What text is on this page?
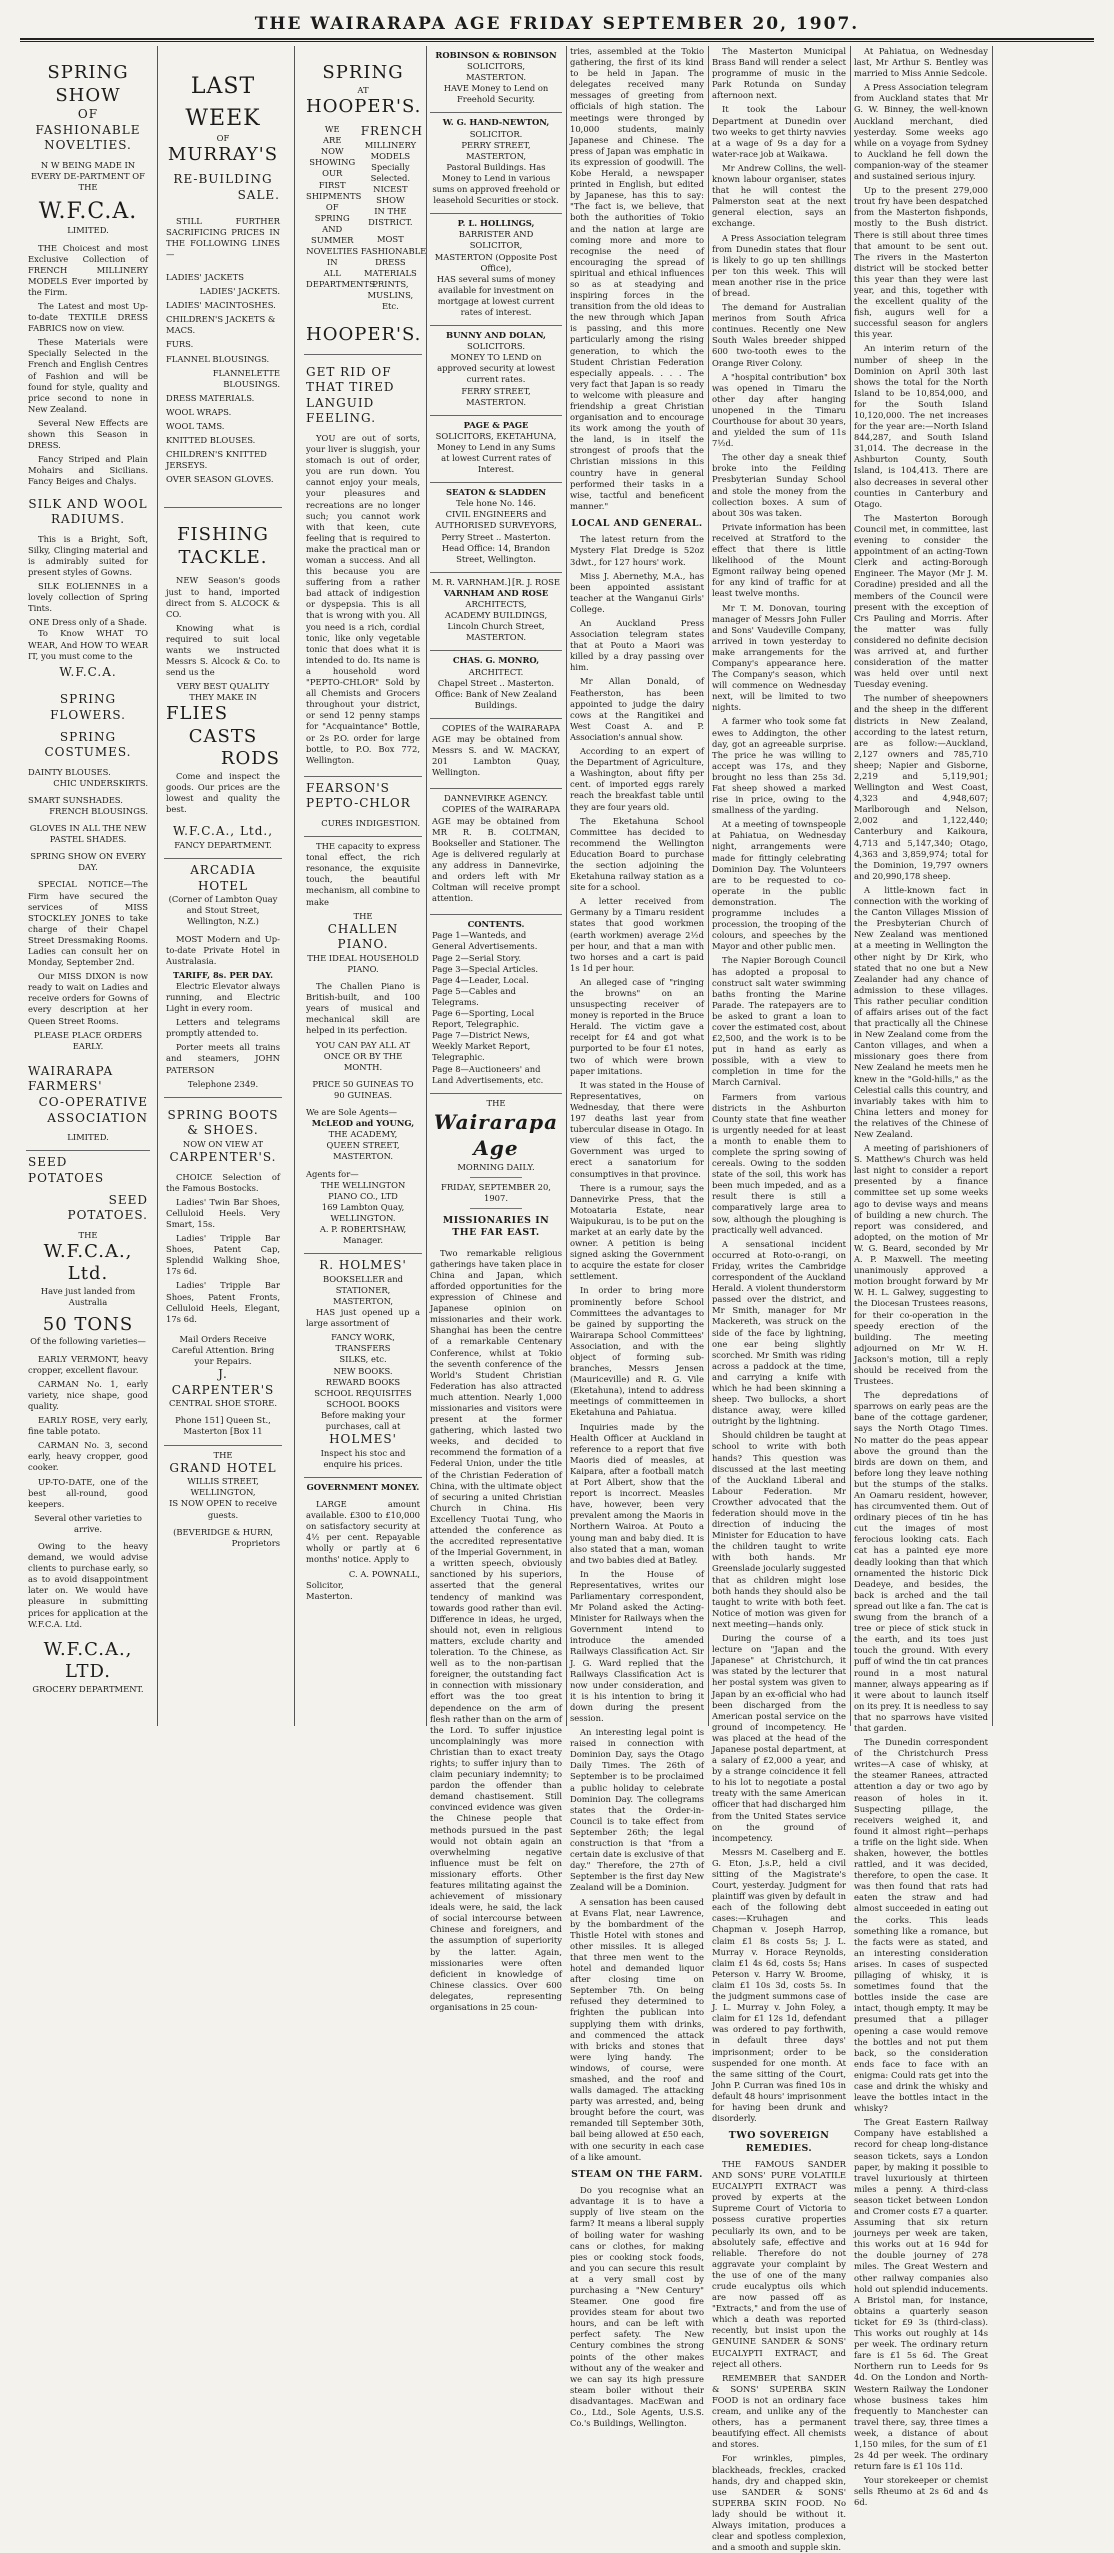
THE WAIRARAPA AGE FRIDAY SEPTEMBER 20, 1907.
SPRING
SHOW
OF
FASHIONABLE
NOVELTIES.
N W BEING MADE IN EVERY DE-PARTMENT OF THE
W.F.C.A.
LIMITED.
THE Choicest and most Exclusive Collection of FRENCH MILLINERY MODELS Ever imported by the Firm.
The Latest and most Up-to-date TEXTILE DRESS FABRICS now on view.
These Materials were Specially Selected in the French and English Centres of Fashion and will be found for style, quality and price second to none in New Zealand.
Several New Effects are shown this Season in DRESS.
Fancy Striped and Plain Mohairs and Sicilians. Fancy Beiges and Chalys.
SILK AND WOOL RADIUMS.
This is a Bright, Soft, Silky, Clinging material and is admirably suited for present styles of Gowns.
SILK EOLIENNES in a lovely collection of Spring Tints.
ONE Dress only of a Shade.
To Know WHAT TO WEAR, And HOW TO WEAR IT, you must come to the
W.F.C.A.
SPRING FLOWERS.
SPRING COSTUMES.
DAINTY BLOUSES.
CHIC UNDERSKIRTS.
SMART SUNSHADES.
FRENCH BLOUSINGS.
GLOVES IN ALL THE NEW PASTEL SHADES.
SPRING SHOW ON EVERY DAY.
SPECIAL NOTICE—The Firm have secured the services of MISS STOCKLEY JONES to take charge of their Chapel Street Dressmaking Rooms. Ladies can consult her on Monday, September 2nd.
Our MISS DIXON is now ready to wait on Ladies and receive orders for Gowns of every description at her Queen Street Rooms.
PLEASE PLACE ORDERS EARLY.
WAIRARAPA
FARMERS'
CO-OPERATIVE
ASSOCIATION
LIMITED.
SEED POTATOES
SEED POTATOES.
THE
W.F.C.A., Ltd.
Have just landed from Australia
50 TONS
Of the following varieties—
EARLY VERMONT, heavy cropper, excellent flavour.
CARMAN No. 1, early variety, nice shape, good quality.
EARLY ROSE, very early, fine table potato.
CARMAN No. 3, second early, heavy cropper, good cooker.
UP-TO-DATE, one of the best all-round, good keepers.
Several other varieties to arrive.
Owing to the heavy demand, we would advise clients to purchase early, so as to avoid disappointment later on. We would have pleasure in submitting prices for application at the W.F.C.A. Ltd.
W.F.C.A., LTD.
GROCERY DEPARTMENT.
LAST
WEEK
OF
MURRAY'S
RE-BUILDING
SALE.
STILL FURTHER SACRIFICING PRICES IN THE FOLLOWING LINES—
LADIES' JACKETS
LADIES' JACKETS.
LADIES' MACINTOSHES.
CHILDREN'S JACKETS & MACS.
FURS.
FLANNEL BLOUSINGS.
FLANNELETTE BLOUSINGS.
DRESS MATERIALS.
WOOL WRAPS.
WOOL TAMS.
KNITTED BLOUSES.
CHILDREN'S KNITTED JERSEYS.
OVER SEASON GLOVES.
FISHING
TACKLE.
NEW Season's goods just to hand, imported direct from S. ALCOCK & CO.
Knowing what is required to suit local wants we instructed Messrs S. Alcock & Co. to send us the
VERY BEST QUALITY THEY MAKE IN
FLIES
CASTS
RODS
Come and inspect the goods. Our prices are the lowest and quality the best.
W.F.C.A., Ltd.,
FANCY DEPARTMENT.
ARCADIA HOTEL
(Corner of Lambton Quay and Stout Street, Wellington, N.Z.)
MOST Modern and Up-to-date Private Hotel in Australasia.
TARIFF, 8s. PER DAY.
Electric Elevator always running, and Electric Light in every room.
Letters and telegrams promptly attended to.
Porter meets all trains and steamers, JOHN PATERSON
Telephone 2349.
SPRING BOOTS & SHOES.
NOW ON VIEW AT
CARPENTER'S.
CHOICE Selection of the Famous Bostocks.
Ladies' Twin Bar Shoes, Celluloid Heels. Very Smart, 15s.
Ladies' Tripple Bar Shoes, Patent Cap, Splendid Walking Shoe, 17s 6d.
Ladies' Tripple Bar Shoes, Patent Fronts, Celluloid Heels, Elegant, 17s 6d.
Mail Orders Receive Careful Attention. Bring your Repairs.
J. CARPENTER'S
CENTRAL SHOE STORE.
Phone 151] Queen St., Masterton [Box 11
THE
GRAND HOTEL
WILLIS STREET, WELLINGTON,
IS NOW OPEN to receive guests.
(BEVERIDGE & HURN,
Proprietors
SPRING
AT
HOOPER'S.
WE
ARE
NOW
SHOWING
OUR
FIRST
SHIPMENTS
OF
SPRING
AND
SUMMER
NOVELTIES
IN
ALL
DEPARTMENTS.
FRENCH
MILLINERY
MODELS
Specially Selected.
NICEST SHOW
IN THE DISTRICT.
MOST
FASHIONABLE
DRESS MATERIALS
PRINTS,
MUSLINS,
Etc.
HOOPER'S.
GET RID OF THAT TIRED LANGUID FEELING.
YOU are out of sorts, your liver is sluggish, your stomach is out of order, you are run down. You cannot enjoy your meals, your pleasures and recreations are no longer such; you cannot work with that keen, cute feeling that is required to make the practical man or woman a success. And all this because you are suffering from a rather bad attack of indigestion or dyspepsia. This is all that is wrong with you. All you need is a rich, cordial tonic, like only vegetable tonic that does what it is intended to do. Its name is a household word "PEPTO-CHLOR" Sold by all Chemists and Grocers throughout your district, or send 12 penny stamps for "Acquaintance" Bottle, or 2s P.O. order for large bottle, to P.O. Box 772, Wellington.
FEARSON'S PEPTO-CHLOR
CURES INDIGESTION.
THE capacity to express tonal effect, the rich resonance, the exquisite touch, the beautiful mechanism, all combine to make
THE
CHALLEN PIANO.
THE IDEAL HOUSEHOLD PIANO.
The Challen Piano is British-built, and 100 years of musical and mechanical skill are helped in its perfection.
YOU CAN PAY ALL AT ONCE OR BY THE MONTH.
PRICE 50 GUINEAS TO 90 GUINEAS.
We are Sole Agents—
McLEOD and YOUNG,
THE ACADEMY,
QUEEN STREET, MASTERTON.
Agents for—
THE WELLINGTON PIANO CO., LTD
169 Lambton Quay,
WELLINGTON.
A. P. ROBERTSHAW, Manager.
R. HOLMES'
BOOKSELLER and STATIONER,
MASTERTON,
HAS just opened up a large assortment of
FANCY WORK,
TRANSFERS
SILKS, etc.
NEW BOOKS.
REWARD BOOKS
SCHOOL REQUISITES
SCHOOL BOOKS
Before making your purchases, call at
HOLMES'
Inspect his stoc and enquire his prices.
GOVERNMENT MONEY.
LARGE amount available. £300 to £10,000 on satisfactory security at 4½ per cent. Repayable wholly or partly at 6 months' notice. Apply to
C. A. POWNALL,
Solicitor,
Masterton.
ROBINSON & ROBINSON
SOLICITORS,
MASTERTON.
HAVE Money to Lend on Freehold Security.
W. G. HAND-NEWTON,
SOLICITOR.
PERRY STREET, MASTERTON,
Pastoral Buildings. Has Money to Lend in various sums on approved freehold or leasehold Securities or stock.
P. L. HOLLINGS,
BARRISTER AND SOLICITOR,
MASTERTON (Opposite Post Office),
HAS several sums of money available for investment on mortgage at lowest current rates of interest.
BUNNY AND DOLAN,
SOLICITORS.
MONEY TO LEND on approved security at lowest current rates.
FERRY STREET, MASTERTON.
PAGE & PAGE
SOLICITORS, EKETAHUNA,
Money to Lend in any Sums at lowest Current rates of Interest.
SEATON & SLADDEN
Tele hone No. 146.
CIVIL ENGINEERS and AUTHORISED SURVEYORS,
Perry Street .. Masterton.
Head Office: 14, Brandon Street, Wellington.
M. R. VARNHAM.] [R. J. ROSE
VARNHAM AND ROSE
ARCHITECTS,
ACADEMY BUILDINGS, Lincoln Church Street, MASTERTON.
CHAS. G. MONRO,
ARCHITECT.
Chapel Street .. Masterton. Office: Bank of New Zealand Buildings.
COPIES of the WAIRARAPA AGE may be obtained from Messrs S. and W. MACKAY, 201 Lambton Quay, Wellington.
DANNEVIRKE AGENCY.
COPIES of the WAIRARAPA AGE may be obtained from MR R. B. COLTMAN, Bookseller and Stationer. The Age is delivered regularly at any address in Dannevirke, and orders left with Mr Coltman will receive prompt attention.
CONTENTS.
Page 1—Wanteds, and General Advertisements.
Page 2—Serial Story.
Page 3—Special Articles.
Page 4—Leader, Local.
Page 5—Cables and Telegrams.
Page 6—Sporting, Local Report, Telegraphic.
Page 7—District News, Weekly Market Report, Telegraphic.
Page 8—Auctioneers' and Land Advertisements, etc.
THE
Wairarapa Age
MORNING DAILY.
FRIDAY, SEPTEMBER 20, 1907.
MISSIONARIES IN THE FAR EAST.
Two remarkable religious gatherings have taken place in China and Japan, which afforded opportunities for the expression of Chinese and Japanese opinion on missionaries and their work. Shanghai has been the centre of a remarkable Centenary Conference, whilst at Tokio the seventh conference of the World's Student Christian Federation has also attracted much attention. Nearly 1,000 missionaries and visitors were present at the former gathering, which lasted two weeks, and decided to recommend the formation of a Federal Union, under the title of the Christian Federation of China, with the ultimate object of securing a united Christian Church in China. His Excellency Tuotai Tung, who attended the conference as the accredited representative of the Imperial Government, in a written speech, obviously sanctioned by his superiors, asserted that the general tendency of mankind was towards good rather than evil. Difference in ideas, he urged, should not, even in religious matters, exclude charity and toleration. To the Chinese, as well as to the non-partisan foreigner, the outstanding fact in connection with missionary effort was the too great dependence on the arm of flesh rather than on the arm of the Lord. To suffer injustice uncomplainingly was more Christian than to exact treaty rights; to suffer injury than to claim pecuniary indemnity; to pardon the offender than demand chastisement. Still convinced evidence was given the Chinese people that methods pursued in the past would not obtain again an overwhelming negative influence must be felt on missionary efforts. Other features militating against the achievement of missionary ideals were, he said, the lack of social intercourse between Chinese and foreigners, and the assumption of superiority by the latter. Again, missionaries were often deficient in knowledge of Chinese classics. Over 600 delegates, representing organisations in 25 coun-
tries, assembled at the Tokio gathering, the first of its kind to be held in Japan. The delegates received many messages of greeting from officials of high station. The meetings were thronged by 10,000 students, mainly Japanese and Chinese. The press of Japan was emphatic in its expression of goodwill. The Kobe Herald, a newspaper printed in English, but edited by Japanese, has this to say: "The fact is, we believe, that both the authorities of Tokio and the nation at large are coming more and more to recognise the need of encouraging the spread of spiritual and ethical influences so as at steadying and inspiring forces in the transition from the old ideas to the new through which Japan is passing, and this more particularly among the rising generation, to which the Student Christian Federation especially appeals. . . . The very fact that Japan is so ready to welcome with pleasure and friendship a great Christian organisation and to encourage its work among the youth of the land, is in itself the strongest of proofs that the Christian missions in this country have in general performed their tasks in a wise, tactful and beneficent manner."
LOCAL AND GENERAL.
The latest return from the Mystery Flat Dredge is 52oz 3dwt., for 127 hours' work.
Miss J. Abernethy, M.A., has been appointed assistant teacher at the Wanganui Girls' College.
An Auckland Press Association telegram states that at Pouto a Maori was killed by a dray passing over him.
Mr Allan Donald, of Featherston, has been appointed to judge the dairy cows at the Rangitikei and West Coast A. and P. Association's annual show.
According to an expert of the Department of Agriculture, a Washington, about fifty per cent. of imported eggs rarely reach the breakfast table until they are four years old.
The Eketahuna School Committee has decided to recommend the Wellington Education Board to purchase the section adjoining the Eketahuna railway station as a site for a school.
A letter received from Germany by a Timaru resident states that good workmen (earth workmen) average 2½d per hour, and that a man with two horses and a cart is paid 1s 1d per hour.
An alleged case of "ringing the browns" on an unsuspecting receiver of money is reported in the Bruce Herald. The victim gave a receipt for £4 and got what purported to be four £1 notes, two of which were brown paper imitations.
It was stated in the House of Representatives, on Wednesday, that there were 197 deaths last year from tubercular disease in Otago. In view of this fact, the Government was urged to erect a sanatorium for consumptives in that province.
There is a rumour, says the Dannevirke Press, that the Motoataria Estate, near Waipukurau, is to be put on the market at an early date by the owner. A petition is being signed asking the Government to acquire the estate for closer settlement.
In order to bring more prominently before School Committees the advantages to be gained by supporting the Wairarapa School Committees' Association, and with the object of forming sub-branches, Messrs Jensen (Mauriceville) and R. G. Vile (Eketahuna), intend to address meetings of committeemen in Eketahuna and Pahiatua.
Inquiries made by the Health Officer at Auckland in reference to a report that five Maoris died of measles, at Kaipara, after a football match at Port Albert, show that the report is incorrect. Measles have, however, been very prevalent among the Maoris in Northern Wairoa. At Pouto a young man and baby died. It is also stated that a man, woman and two babies died at Batley.
In the House of Representatives, writes our Parliamentary correspondent, Mr Poland asked the Acting-Minister for Railways when the Government intend to introduce the amended Railways Classification Act. Sir J. G. Ward replied that the Railways Classification Act is now under consideration, and it is his intention to bring it down during the present session.
An interesting legal point is raised in connection with Dominion Day, says the Otago Daily Times. The 26th of September is to be proclaimed a public holiday to celebrate Dominion Day. The collegrams states that the Order-in-Council is to take effect from September 26th; the legal construction is that "from a certain date is exclusive of that day." Therefore, the 27th of September is the first day New Zealand will be a Dominion.
A sensation has been caused at Evans Flat, near Lawrence, by the bombardment of the Thistle Hotel with stones and other missiles. It is alleged that three men went to the hotel and demanded liquor after closing time on September 7th. On being refused they determined to frighten the publican into supplying them with drinks, and commenced the attack with bricks and stones that were lying handy. The windows, of course, were smashed, and the roof and walls damaged. The attacking party was arrested, and, being brought before the court, was remanded till September 30th, bail being allowed at £50 each, with one security in each case of a like amount.
STEAM ON THE FARM.
Do you recognise what an advantage it is to have a supply of live steam on the farm? It means a liberal supply of boiling water for washing cans or clothes, for making pies or cooking stock foods, and you can secure this result at a very small cost by purchasing a "New Century" Steamer. One good fire provides steam for about two hours, and can be left with perfect safety. The New Century combines the strong points of the other makes without any of the weaker and we can say its high pressure steam boiler without their disadvantages. MacEwan and Co., Ltd., Sole Agents, U.S.S. Co.'s Buildings, Wellington.
The Masterton Municipal Brass Band will render a select programme of music in the Park Rotunda on Sunday afternoon next.
It took the Labour Department at Dunedin over two weeks to get thirty navvies at a wage of 9s a day for a water-race job at Waikawa.
Mr Andrew Collins, the well-known labour organiser, states that he will contest the Palmerston seat at the next general election, says an exchange.
A Press Association telegram from Dunedin states that flour is likely to go up ten shillings per ton this week. This will mean another rise in the price of bread.
The demand for Australian merinos from South Africa continues. Recently one New South Wales breeder shipped 600 two-tooth ewes to the Orange River Colony.
A "hospital contribution" box was opened in Timaru the other day after hanging unopened in the Timaru Courthouse for about 30 years, and yielded the sum of 11s 7½d.
The other day a sneak thief broke into the Feilding Presbyterian Sunday School and stole the money from the collection boxes. A sum of about 30s was taken.
Private information has been received at Stratford to the effect that there is little likelihood of the Mount Egmont railway being opened for any kind of traffic for at least twelve months.
Mr T. M. Donovan, touring manager of Messrs John Fuller and Sons' Vaudeville Company, arrived in town yesterday to make arrangements for the Company's appearance here. The Company's season, which will commence on Wednesday next, will be limited to two nights.
A farmer who took some fat ewes to Addington, the other day, got an agreeable surprise. The price he was willing to accept was 17s, and they brought no less than 25s 3d. Fat sheep showed a marked rise in price, owing to the smallness of the yarding.
At a meeting of townspeople at Pahiatua, on Wednesday night, arrangements were made for fittingly celebrating Dominion Day. The Volunteers are to be requested to co-operate in the public demonstration. The programme includes a procession, the trooping of the colours, and speeches by the Mayor and other public men.
The Napier Borough Council has adopted a proposal to construct salt water swimming baths fronting the Marine Parade. The ratepayers are to be asked to grant a loan to cover the estimated cost, about £2,500, and the work is to be put in hand as early as possible, with a view to completion in time for the March Carnival.
Farmers from various districts in the Ashburton County state that fine weather is urgently needed for at least a month to enable them to complete the spring sowing of cereals. Owing to the sodden state of the soil, this work has been much impeded, and as a result there is still a comparatively large area to sow, although the ploughing is practically well advanced.
A sensational incident occurred at Roto-o-rangi, on Friday, writes the Cambridge correspondent of the Auckland Herald. A violent thunderstorm passed over the district, and Mr Smith, manager for Mr Mackereth, was struck on the side of the face by lightning, one ear being slightly scorched. Mr Smith was riding across a paddock at the time, and carrying a knife with which he had been skinning a sheep. Two bullocks, a short distance away, were killed outright by the lightning.
Should children be taught at school to write with both hands? This question was discussed at the last meeting of the Auckland Liberal and Labour Federation. Mr Crowther advocated that the federation should move in the direction of inducing the Minister for Education to have the children taught to write with both hands. Mr Greenslade jocularly suggested that as children might lose both hands they should also be taught to write with both feet. Notice of motion was given for next meeting—hands only.
During the course of a lecture on "Japan and the Japanese" at Christchurch, it was stated by the lecturer that her postal system was given to Japan by an ex-official who had been discharged from the American postal service on the ground of incompetency. He was placed at the head of the Japanese postal department, at a salary of £2,000 a year, and by a strange coincidence it fell to his lot to negotiate a postal treaty with the same American officer that had discharged him from the United States service on the ground of incompetency.
Messrs M. Caselberg and E. G. Eton, J.s.P., held a civil sitting of the Magistrate's Court, yesterday. Judgment for plaintiff was given by default in each of the following debt cases:—Kruhagen and Chapman v. Joseph Harrop, claim £1 8s costs 5s; J. L. Murray v. Horace Reynolds, claim £1 4s 6d, costs 5s; Hans Peterson v. Harry W. Broome, claim £1 10s 3d, costs 5s. In the judgment summons case of J. L. Murray v. John Foley, a claim for £1 12s 1d, defendant was ordered to pay forthwith, in default three days' imprisonment; order to be suspended for one month. At the same sitting of the Court, John P. Curran was fined 10s in default 48 hours' imprisonment for having been drunk and disorderly.
TWO SOVEREIGN REMEDIES.
THE FAMOUS SANDER AND SONS' PURE VOLATILE EUCALYPTI EXTRACT was proved by experts at the Supreme Court of Victoria to possess curative properties peculiarly its own, and to be absolutely safe, effective and reliable. Therefore do not aggravate your complaint by the use of one of the many crude eucalyptus oils which are now passed off as "Extracts," and from the use of which a death was reported recently, but insist upon the GENUINE SANDER & SONS' EUCALYPTI EXTRACT, and reject all others.
REMEMBER that SANDER & SONS' SUPERBA SKIN FOOD is not an ordinary face cream, and unlike any of the others, has a permanent beautifying effect. All chemists and stores.
For wrinkles, pimples, blackheads, freckles, cracked hands, dry and chapped skin, use SANDER & SONS' SUPERBA SKIN FOOD. No lady should be without it. Always imitation, produces a clear and spotless complexion, and a smooth and supple skin.
At Pahiatua, on Wednesday last, Mr Arthur S. Bentley was married to Miss Annie Sedcole.
A Press Association telegram from Auckland states that Mr G. W. Binney, the well-known Auckland merchant, died yesterday. Some weeks ago while on a voyage from Sydney to Auckland he fell down the companion-way of the steamer and sustained serious injury.
Up to the present 279,000 trout fry have been despatched from the Masterton fishponds, mostly to the Bush district. There is still about three times that amount to be sent out. The rivers in the Masterton district will be stocked better this year than they were last year, and this, together with the excellent quality of the fish, augurs well for a successful season for anglers this year.
An interim return of the number of sheep in the Dominion on April 30th last shows the total for the North Island to be 10,854,000, and for the South Island 10,120,000. The net increases for the year are:—North Island 844,287, and South Island 31,014. The decrease in the Ashburton County, South Island, is 104,413. There are also decreases in several other counties in Canterbury and Otago.
The Masterton Borough Council met, in committee, last evening to consider the appointment of an acting-Town Clerk and acting-Borough Engineer. The Mayor (Mr J. M. Coradine) presided and all the members of the Council were present with the exception of Crs Pauling and Morris. After the matter was fully considered no definite decision was arrived at, and further consideration of the matter was held over until next Tuesday evening.
The number of sheepowners and the sheep in the different districts in New Zealand, according to the latest return, are as follow:—Auckland, 2,127 owners and 785,710 sheep; Napier and Gisborne, 2,219 and 5,119,901; Wellington and West Coast, 4,323 and 4,948,607; Marlborough and Nelson, 2,002 and 1,122,440; Canterbury and Kaikoura, 4,713 and 5,147,340; Otago, 4,363 and 3,859,974; total for the Dominion, 19,797 owners and 20,990,178 sheep.
A little-known fact in connection with the working of the Canton Villages Mission of the Presbyterian Church of New Zealand was mentioned at a meeting in Wellington the other night by Dr Kirk, who stated that no one but a New Zealander had any chance of admission to these villages. This rather peculiar condition of affairs arises out of the fact that practically all the Chinese in New Zealand come from the Canton villages, and when a missionary goes there from New Zealand he meets men he knew in the "Gold-hills," as the Celestial calls this country, and invariably takes with him to China letters and money for the relatives of the Chinese of New Zealand.
A meeting of parishioners of S. Matthew's Church was held last night to consider a report presented by a finance committee set up some weeks ago to devise ways and means of building a new church. The report was considered, and adopted, on the motion of Mr W. G. Beard, seconded by Mr A. P. Maxwell. The meeting unanimously approved a motion brought forward by Mr W. H. L. Galwey, suggesting to the Diocesan Trustees reasons, for their co-operation in the speedy erection of the building. The meeting adjourned on Mr W. H. Jackson's motion, till a reply should be received from the Trustees.
The depredations of sparrows on early peas are the bane of the cottage gardener, says the North Otago Times. No matter do the peas appear above the ground than the birds are down on them, and before long they leave nothing but the stumps of the stalks. An Oamaru resident, however, has circumvented them. Out of ordinary pieces of tin he has cut the images of most ferocious looking cats. Each cat has a painted eye more deadly looking than that which ornamented the historic Dick Deadeye, and besides, the back is arched and the tail spread out like a fan. The cat is swung from the branch of a tree or piece of stick stuck in the earth, and its toes just touch the ground. With every puff of wind the tin cat prances round in a most natural manner, always appearing as if it were about to launch itself on its prey. It is needless to say that no sparrows have visited that garden.
The Dunedin correspondent of the Christchurch Press writes—A case of whisky, at the steamer Ranees, attracted attention a day or two ago by reason of holes in it. Suspecting pillage, the receivers weighed it, and found it almost right—perhaps a trifle on the light side. When shaken, however, the bottles rattled, and it was decided, therefore, to open the case. It was then found that rats had eaten the straw and had almost succeeded in eating out the corks. This leads something like a romance, but the facts were as stated, and an interesting consideration arises. In cases of suspected pillaging of whisky, it is sometimes found that the bottles inside the case are intact, though empty. It may be presumed that a pillager opening a case would remove the bottles and not put them back, so the consideration ends face to face with an enigma: Could rats get into the case and drink the whisky and leave the bottles intact in the whisky?
The Great Eastern Railway Company have established a record for cheap long-distance season tickets, says a London paper, by making it possible to travel luxuriously at thirteen miles a penny. A third-class season ticket between London and Cromer costs £7 a quarter. Assuming that six return journeys per week are taken, this works out at 16 94d for the double journey of 278 miles. The Great Western and other railway companies also hold out splendid inducements. A Bristol man, for instance, obtains a quarterly season ticket for £9 3s (third-class). This works out roughly at 14s per week. The ordinary return fare is £1 5s 6d. The Great Northern run to Leeds for 9s 4d. On the London and North-Western Railway the Londoner whose business takes him frequently to Manchester can travel there, say, three times a week, a distance of about 1,150 miles, for the sum of £1 2s 4d per week. The ordinary return fare is £1 10s 11d.
Your storekeeper or chemist sells Rheumo at 2s 6d and 4s 6d.
